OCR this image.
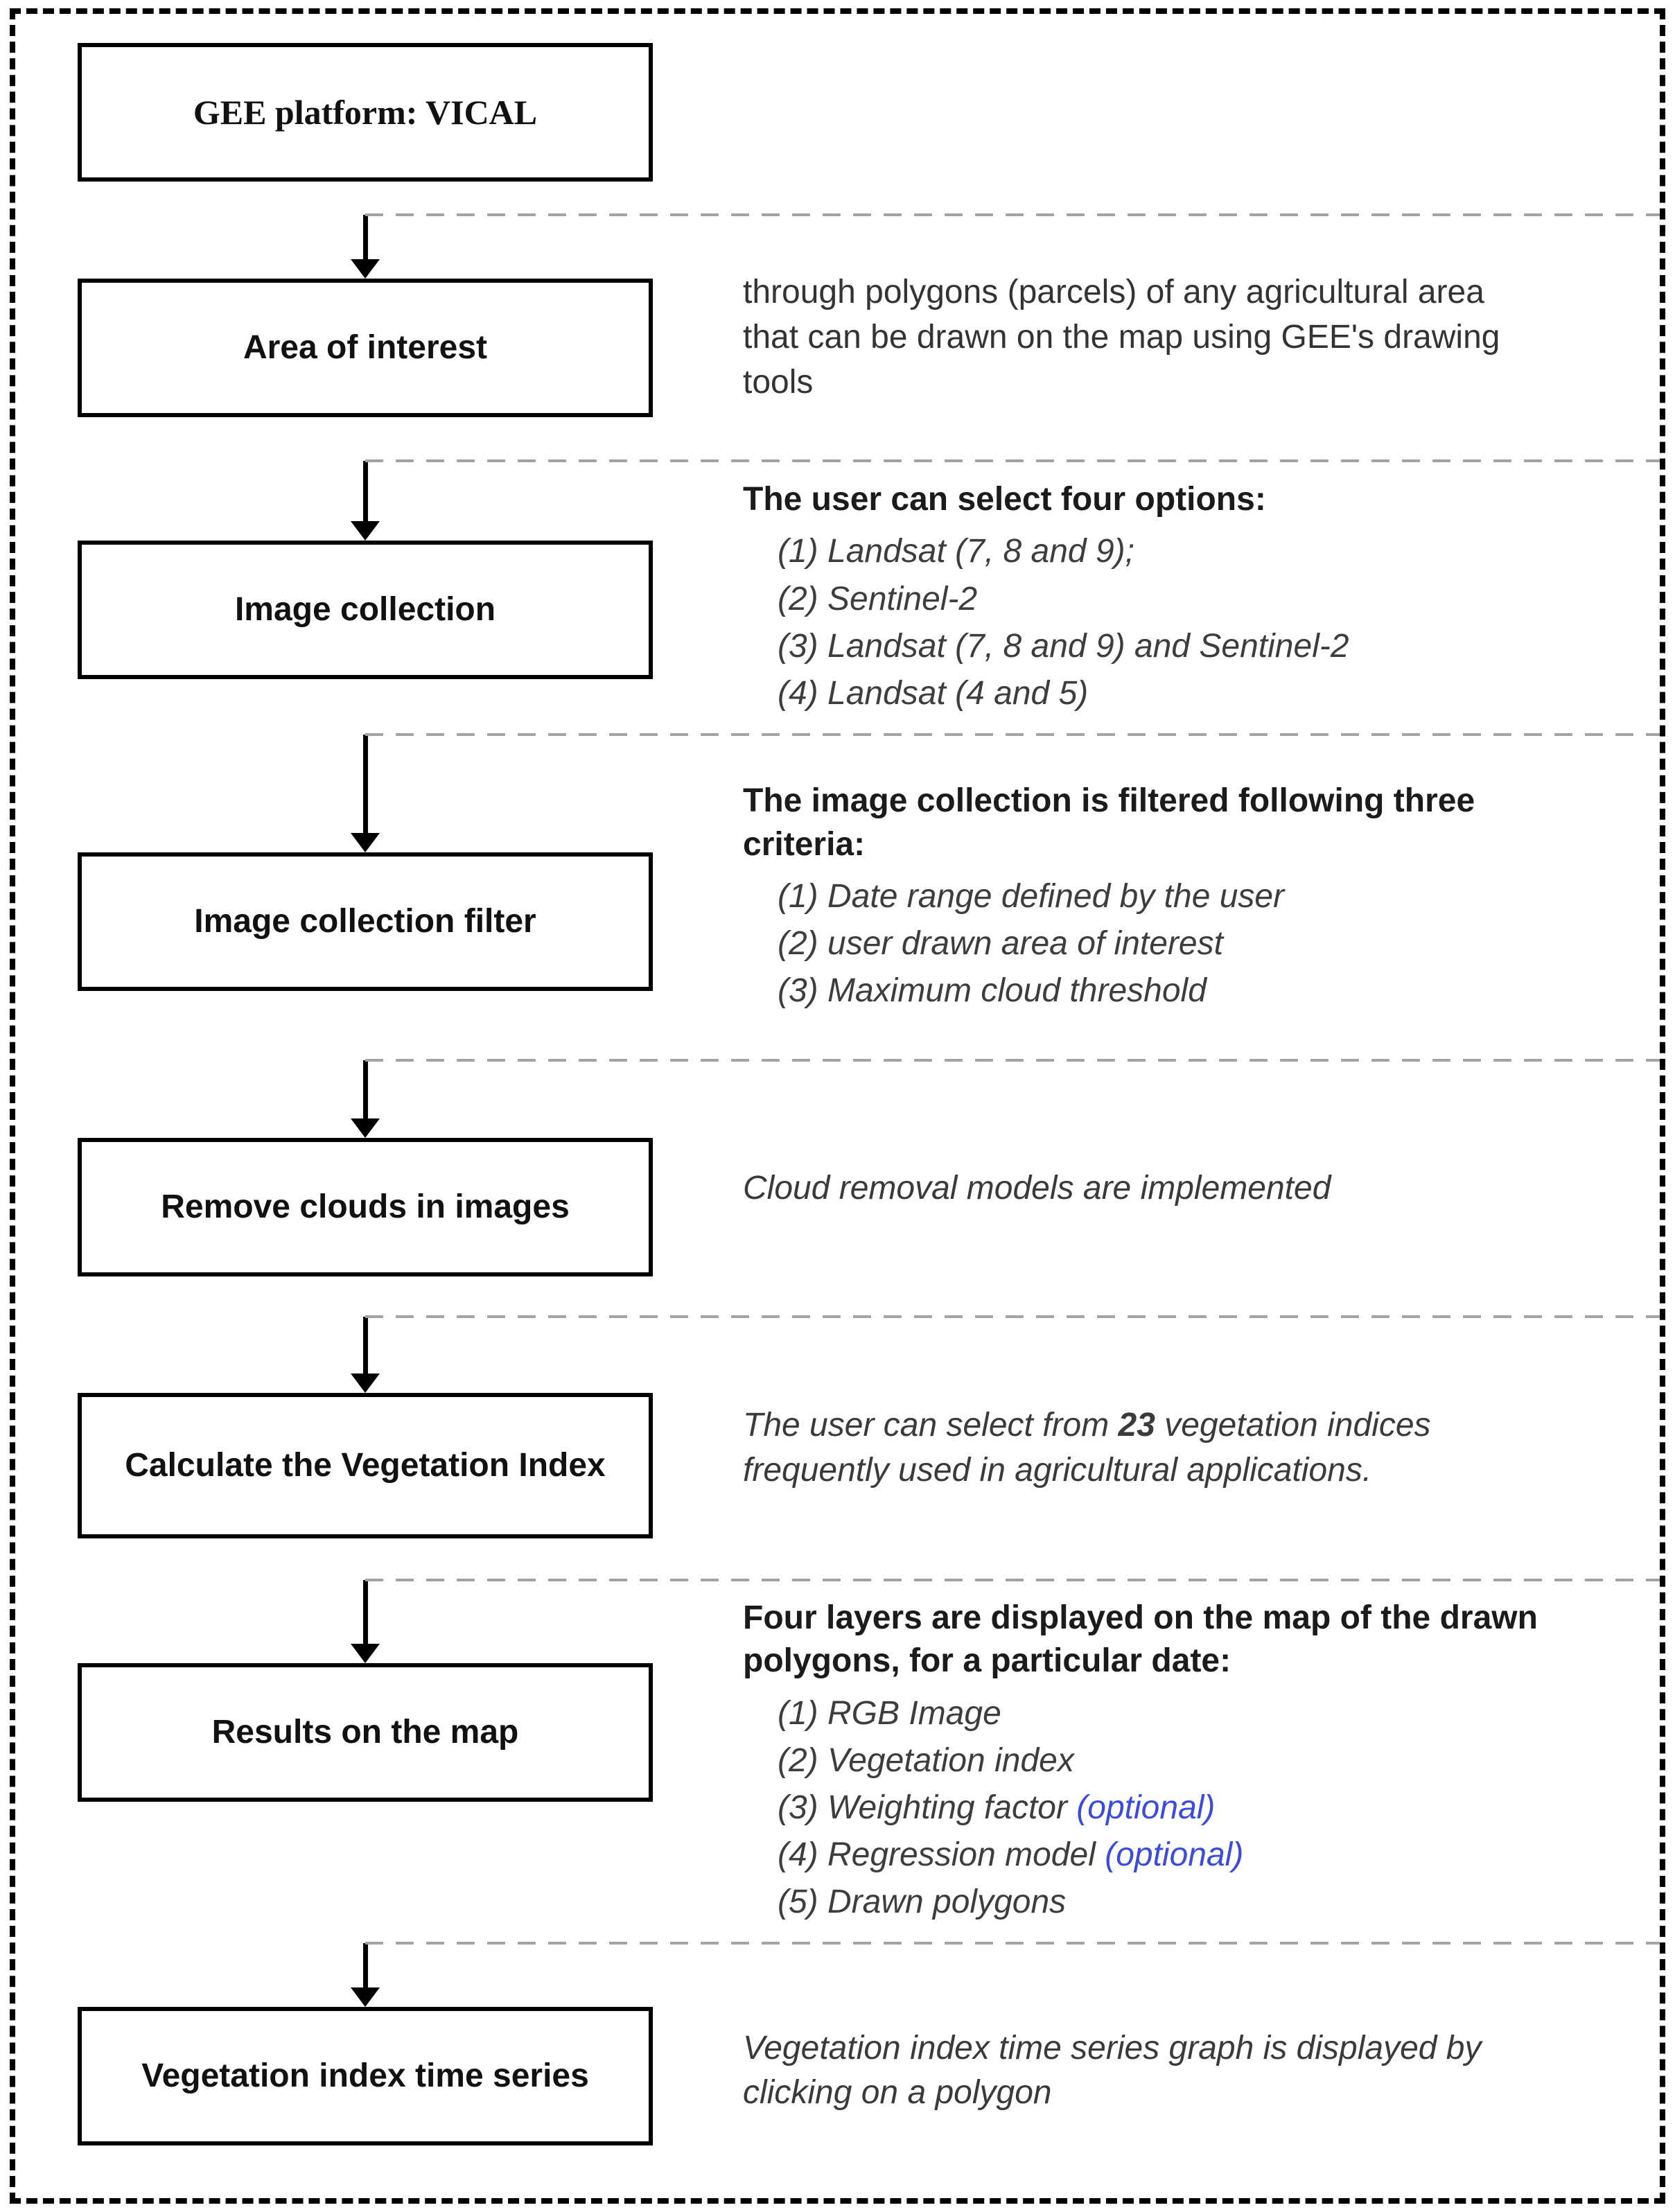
GEE platform: VICAL
Area of interest
through polygons (parcels) of any agricultural area that can be drawn on the map using GEE's drawing tools
Image collection
The user can select four options:
(1) Landsat (7, 8 and 9);
(2) Sentinel-2
(3) Landsat (7, 8 and 9) and Sentinel-2
(4) Landsat (4 and 5)
Image collection filter
The image collection is filtered following three criteria:
(1) Date range defined by the user
(2) user drawn area of interest
(3) Maximum cloud threshold
Remove clouds in images
Cloud removal models are implemented
Calculate the Vegetation Index
The user can select from 23 vegetation indices frequently used in agricultural applications.
Results on the map
Four layers are displayed on the map of the drawn polygons, for a particular date:
(1) RGB Image
(2) Vegetation index
(3) Weighting factor (optional)
(4) Regression model (optional)
(5) Drawn polygons
Vegetation index time series
Vegetation index time series graph is displayed by clicking on a polygon
